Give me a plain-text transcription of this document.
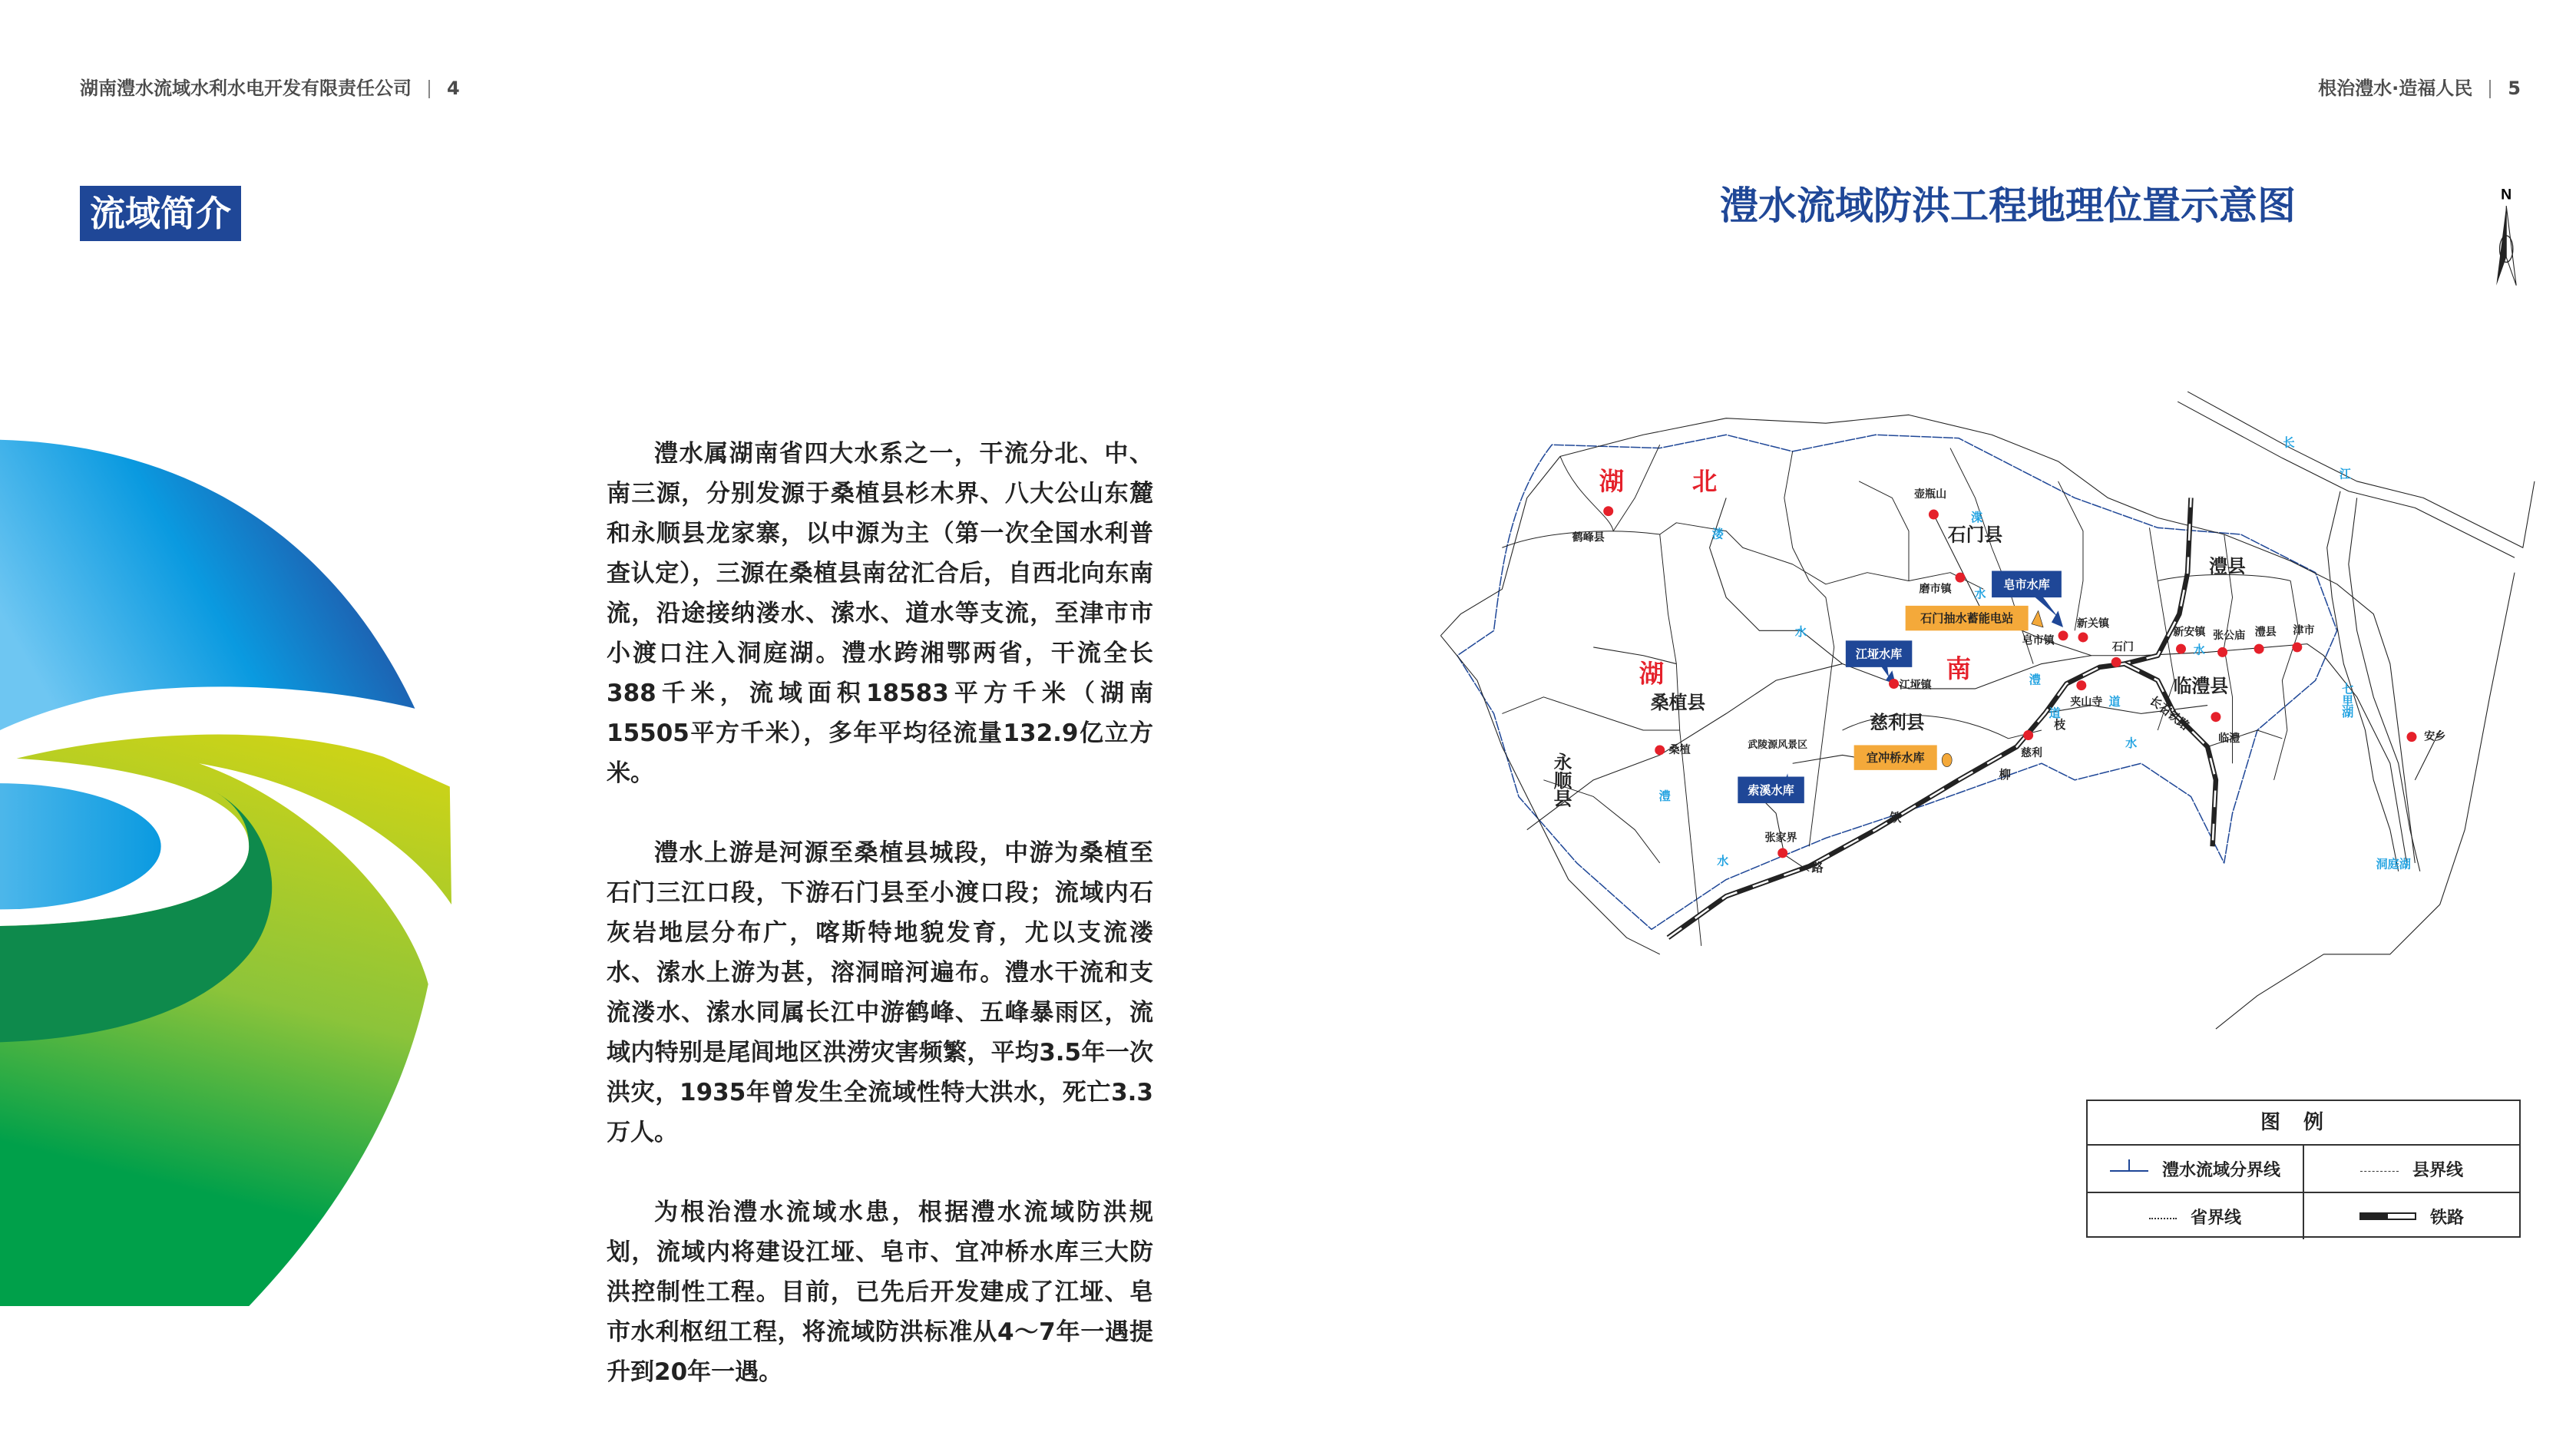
N
湖	北
湖	南
石门县
澧县
临澧县
桑植县
慈利县
永顺县
鹤峰县
壶瓶山
磨市镇
皂市镇
新关镇
石门
新安镇 张公庙 澧县	津市
临澧
夹山寺
安乡
江垭镇
桑植	慈利
张家界
溇
渫
水
水
澧
道
道
水
澧
水
水
七里湖
长
江
洞庭湖
皂市水库
江垭水库
索溪水库
石门抽水蓄能电站
宜冲桥水库
武陵源风景区
枝
柳
铁
路
长石铁路
湖南澧水流域水利水电开发有限责任公司 4	根治澧水·造福人民 5
流域简介

澧水属湖南省四大水系之一，干流分北、中、南三源，分别发源于桑植县杉木界、八大公山东麓和永顺县龙家寨，以中源为主（第一次全国水利普查认定），三源在桑植县南岔汇合后，自西北向东南流，沿途接纳溇水、溹水、道水等支流，至津市市小渡口注入洞庭湖。澧水跨湘鄂两省，干流全长388千米，流域面积18583平方千米（湖南15505平方千米），多年平均径流量132.9亿立方米。

澧水上游是河源至桑植县城段，中游为桑植至石门三江口段，下游石门县至小渡口段；流域内石灰岩地层分布广，喀斯特地貌发育，尤以支流溇水、溹水上游为甚，溶洞暗河遍布。澧水干流和支流溇水、溹水同属长江中游鹤峰、五峰暴雨区，流域内特别是尾闾地区洪涝灾害频繁，平均3.5年一次洪灾，1935年曾发生全流域性特大洪水，死亡3.3万人。

为根治澧水流域水患，根据澧水流域防洪规划，流域内将建设江垭、皂市、宜冲桥水库三大防洪控制性工程。目前，已先后开发建成了江垭、皂市水利枢纽工程，将流域防洪标准从4～7年一遇提升到20年一遇。

澧水流域防洪工程地理位置示意图
图例
澧水流域分界线	县界线
省界线	铁路
